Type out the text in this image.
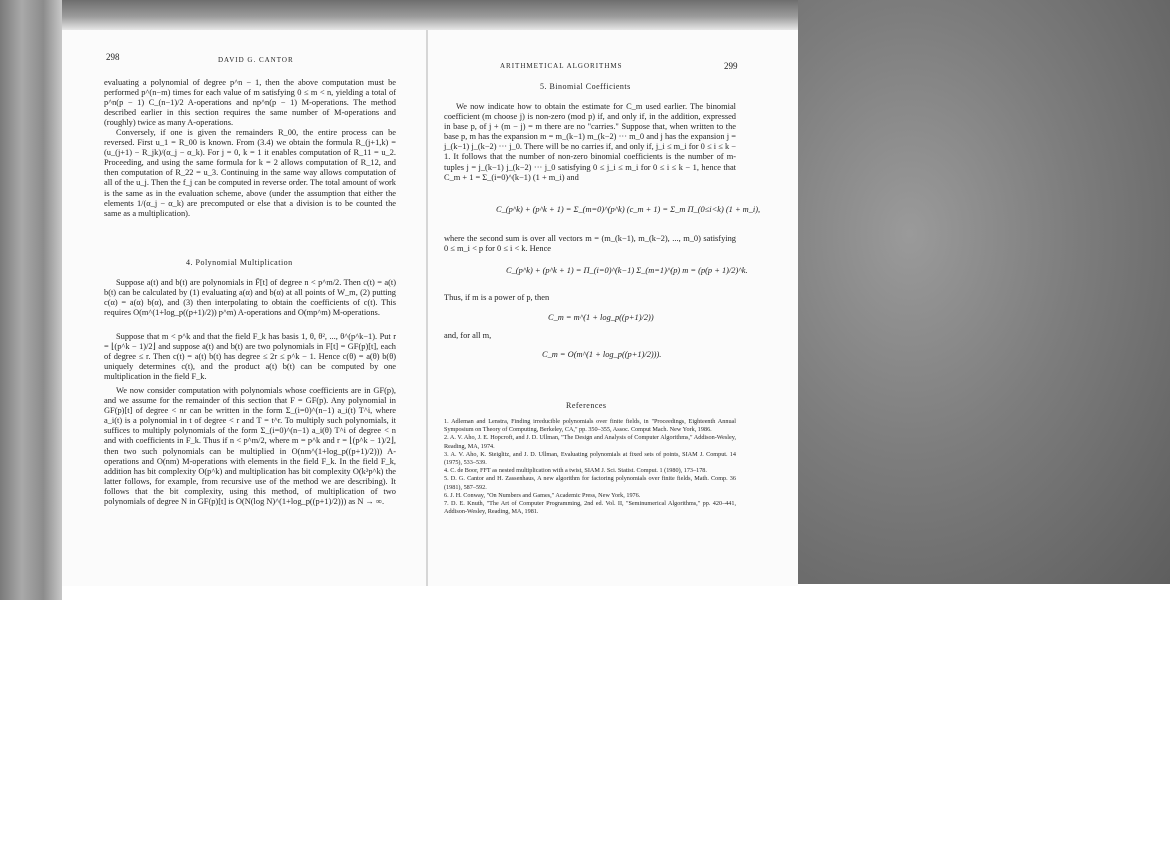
298	DAVID G. CANTOR

evaluating a polynomial of degree p^n − 1, then the above computation must be performed p^(n−m) times for each value of m satisfying 0 ≤ m < n, yielding a total of p^n(p − 1) C_(n−1)/2 A-operations and np^n(p − 1) M-operations. The method described earlier in this section requires the same number of M-operations and (roughly) twice as many A-operations.

Conversely, if one is given the remainders R_00, the entire process can be reversed. First u_1 = R_00 is known. From (3.4) we obtain the formula R_(j+1,k) = (u_(j+1) − R_jk)/(α_j − α_k). For j = 0, k = 1 it enables computation of R_11 = u_2. Proceeding, and using the same formula for k = 2 allows computation of R_12, and then computation of R_22 = u_3. Continuing in the same way allows computation of all of the u_j. Then the f_j can be computed in reverse order. The total amount of work is the same as in the evaluation scheme, above (under the assumption that either the elements 1/(α_j − α_k) are precomputed or else that a division is to be counted the same as a multiplication).

4. Polynomial Multiplication

Suppose a(t) and b(t) are polynomials in F̄[t] of degree n < p^m/2. Then c(t) = a(t) b(t) can be calculated by (1) evaluating a(α) and b(α) at all points of W_m, (2) putting c(α) = a(α) b(α), and (3) then interpolating to obtain the coefficients of c(t). This requires O(m^(1+log_p((p+1)/2)) p^m) A-operations and O(mp^m) M-operations.

Suppose that m < p^k and that the field F_k has basis 1, θ, θ², ..., θ^(p^k−1). Put r = ⌊(p^k − 1)/2⌋ and suppose a(t) and b(t) are two polynomials in F[t] = GF(p)[t], each of degree ≤ r. Then c(t) = a(t) b(t) has degree ≤ 2r ≤ p^k − 1. Hence c(θ) = a(θ) b(θ) uniquely determines c(t), and the product a(t) b(t) can be computed by one multiplication in the field F_k.

We now consider computation with polynomials whose coefficients are in GF(p), and we assume for the remainder of this section that F = GF(p). Any polynomial in GF(p)[t] of degree < nr can be written in the form Σ_(i=0)^(n−1) a_i(t) T^i, where a_i(t) is a polynomial in t of degree < r and T = t^r. To multiply such polynomials, it suffices to multiply polynomials of the form Σ_(i=0)^(n−1) a_i(θ) T^i of degree < n and with coefficients in F_k. Thus if n < p^m/2, where m = p^k and r = ⌊(p^k − 1)/2⌋, then two such polynomials can be multiplied in O(nm^(1+log_p((p+1)/2))) A-operations and O(nm) M-operations with elements in the field F_k. In the field F_k, addition has bit complexity O(p^k) and multiplication has bit complexity O(k²p^k) the latter follows, for example, from recursive use of the method we are describing). It follows that the bit complexity, using this method, of multiplication of two polynomials of degree N in GF(p)[t] is O(N(log N)^(1+log_p((p+1)/2))) as N → ∞.

ARITHMETICAL ALGORITHMS	299
5. Binomial Coefficients

We now indicate how to obtain the estimate for C_m used earlier. The binomial coefficient (m choose j) is non-zero (mod p) if, and only if, in the addition, expressed in base p, of j + (m − j) = m there are no "carries." Suppose that, when written to the base p, m has the expansion m = m_(k−1) m_(k−2) ··· m_0 and j has the expansion j = j_(k−1) j_(k−2) ··· j_0. There will be no carries if, and only if, j_i ≤ m_i for 0 ≤ i ≤ k − 1. It follows that the number of non-zero binomial coefficients is the number of m-tuples j = j_(k−1) j_(k−2) ··· j_0 satisfying 0 ≤ j_i ≤ m_i for 0 ≤ i ≤ k − 1, hence that C_m + 1 = Σ_(i=0)^(k−1) (1 + m_i) and

C_(p^k) + (p^k + 1) = Σ_(m=0)^(p^k) (c_m + 1) = Σ_m Π_(0≤i<k) (1 + m_i),

where the second sum is over all vectors m = (m_(k−1), m_(k−2), ..., m_0) satisfying 0 ≤ m_i < p for 0 ≤ i < k. Hence

C_(p^k) + (p^k + 1) = Π_(i=0)^(k−1) Σ_(m=1)^(p) m = (p(p + 1)/2)^k.

Thus, if m is a power of p, then

C_m = m^(1 + log_p((p+1)/2))

and, for all m,

C_m = O(m^(1 + log_p((p+1)/2))).
References
1. Adleman and Lenstra, Finding irreducible polynomials over finite fields, in "Proceedings, Eighteenth Annual Symposium on Theory of Computing, Berkeley, CA," pp. 350–355, Assoc. Comput Mach. New York, 1986.
2. A. V. Aho, J. E. Hopcroft, and J. D. Ullman, "The Design and Analysis of Computer Algorithms," Addison-Wesley, Reading, MA, 1974.
3. A. V. Aho, K. Steiglitz, and J. D. Ullman, Evaluating polynomials at fixed sets of points, SIAM J. Comput. 14 (1975), 533–539.
4. C. de Boor, FFT as nested multiplication with a twist, SIAM J. Sci. Statist. Comput. 1 (1980), 173–178.
5. D. G. Cantor and H. Zassenhaus, A new algorithm for factoring polynomials over finite fields, Math. Comp. 36 (1981), 587–592.
6. J. H. Conway, "On Numbers and Games," Academic Press, New York, 1976.
7. D. E. Knuth, "The Art of Computer Programming, 2nd ed. Vol. II, "Seminumerical Algorithms," pp. 420–441, Addison-Wesley, Reading, MA, 1981.
